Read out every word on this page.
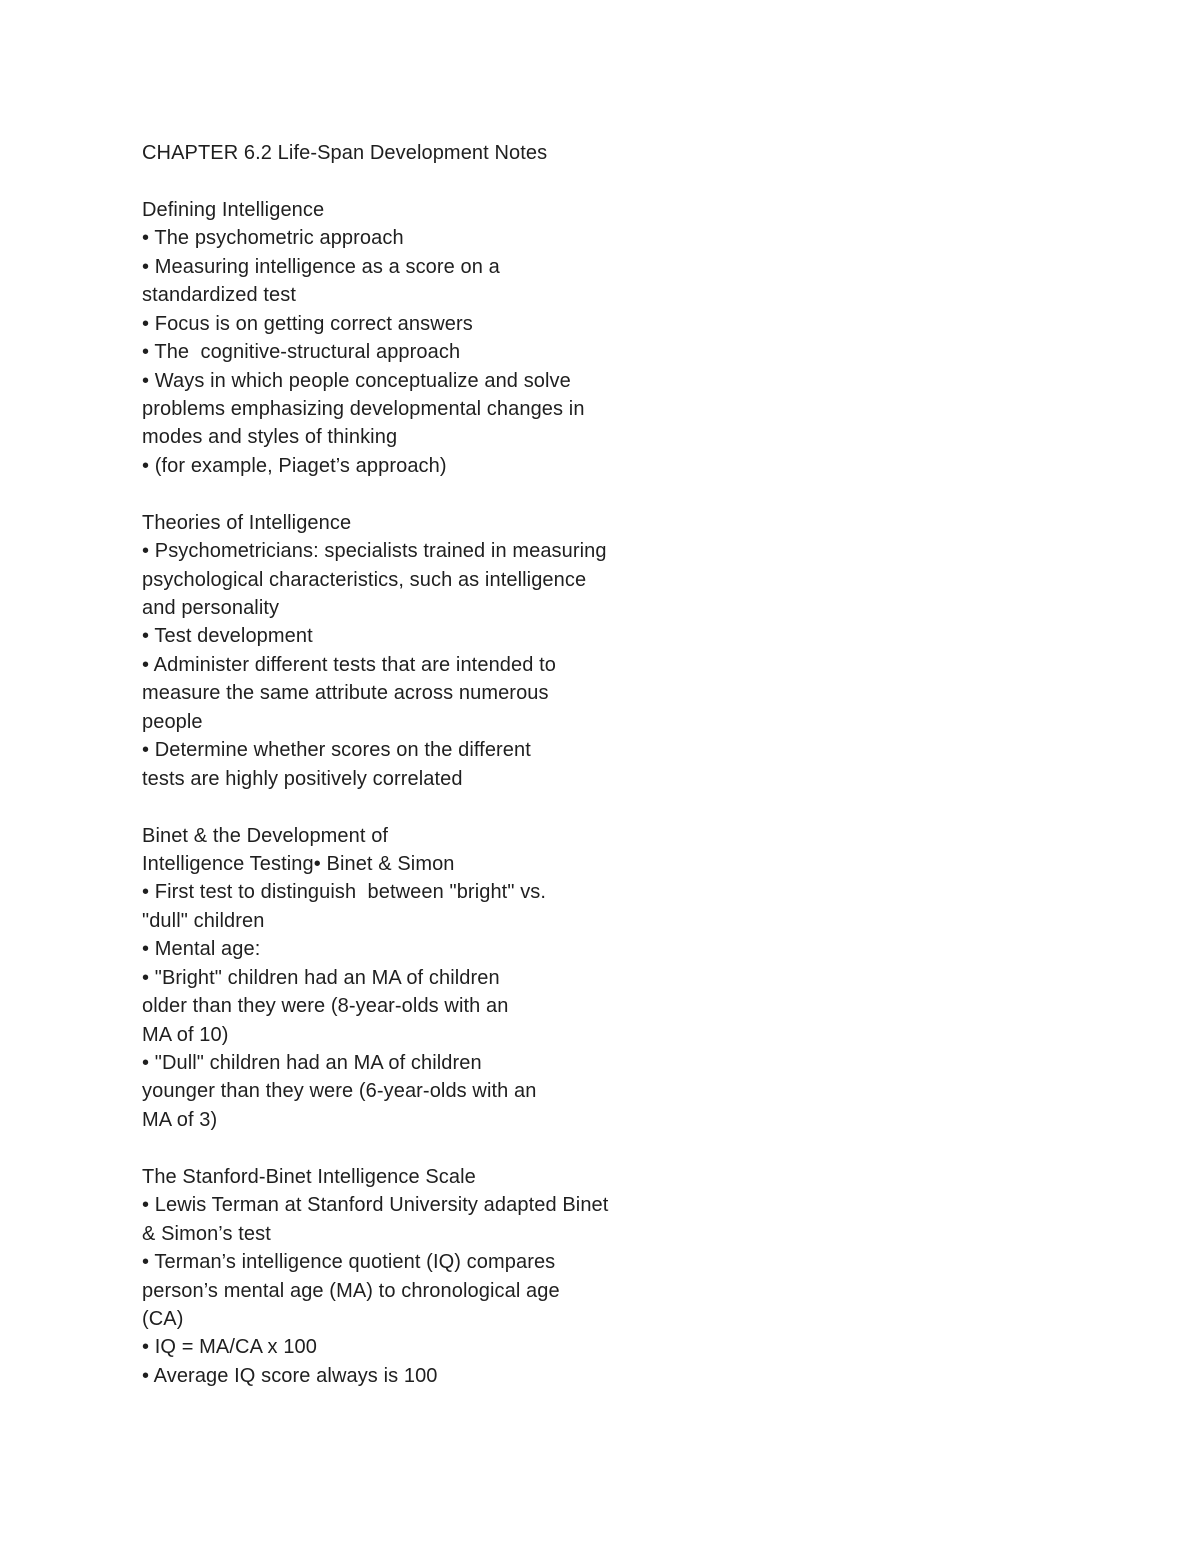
CHAPTER 6.2 Life-Span Development Notes
Defining Intelligence
• The psychometric approach
• Measuring intelligence as a score on a
standardized test
• Focus is on getting correct answers
• The  cognitive-structural approach
• Ways in which people conceptualize and solve
problems emphasizing developmental changes in
modes and styles of thinking
• (for example, Piaget’s approach)
Theories of Intelligence
• Psychometricians: specialists trained in measuring
psychological characteristics, such as intelligence
and personality
• Test development
• Administer different tests that are intended to
measure the same attribute across numerous
people
• Determine whether scores on the different
tests are highly positively correlated
Binet & the Development of
Intelligence Testing• Binet & Simon
• First test to distinguish  between "bright" vs.
"dull" children
• Mental age:
• "Bright" children had an MA of children
older than they were (8-year-olds with an
MA of 10)
• "Dull" children had an MA of children
younger than they were (6-year-olds with an
MA of 3)
The Stanford-Binet Intelligence Scale
• Lewis Terman at Stanford University adapted Binet
& Simon’s test
• Terman’s intelligence quotient (IQ) compares
person’s mental age (MA) to chronological age
(CA)
• IQ = MA/CA x 100
• Average IQ score always is 100
